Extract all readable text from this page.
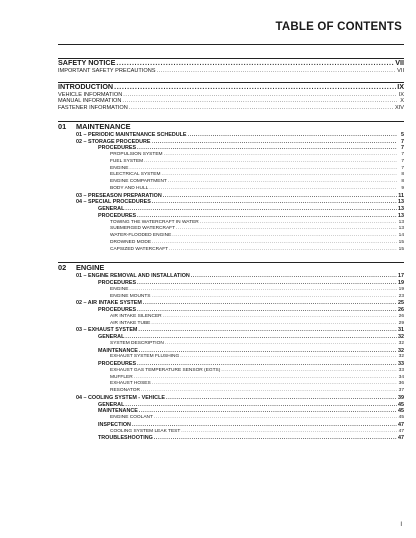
TABLE OF CONTENTS
SAFETY NOTICE .....	VII
IMPORTANT SAFETY PRECAUTIONS .....	VII
INTRODUCTION .....	IX
VEHICLE INFORMATION .....	IX
MANUAL INFORMATION .....	X
FASTENER INFORMATION .....	XIV
01 MAINTENANCE
01 – PERIODIC MAINTENANCE SCHEDULE .....	5
02 – STORAGE PROCEDURE .....	7
PROCEDURES .....	7
PROPULSION SYSTEM .....	7
FUEL SYSTEM .....	7
ENGINE .....	7
ELECTRICAL SYSTEM .....	8
ENGINE COMPARTMENT .....	8
BODY AND HULL .....	9
03 – PRESEASON PREPARATION .....	11
04 – SPECIAL PROCEDURES .....	13
GENERAL .....	13
PROCEDURES .....	13
TOWING THE WATERCRAFT IN WATER .....	13
SUBMERGED WATERCRAFT .....	13
WATER-FLOODED ENGINE .....	14
DROWNED MODE .....	15
CAPSIZED WATERCRAFT .....	15
02 ENGINE
01 – ENGINE REMOVAL AND INSTALLATION .....	17
PROCEDURES .....	19
ENGINE .....	19
ENGINE MOUNTS .....	23
02 – AIR INTAKE SYSTEM .....	25
PROCEDURES .....	26
AIR INTAKE SILENCER .....	26
AIR INTAKE TUBE .....	29
03 – EXHAUST SYSTEM .....	31
GENERAL .....	32
SYSTEM DESCRIPTION .....	32
MAINTENANCE .....	32
EXHAUST SYSTEM FLUSHING .....	32
PROCEDURES .....	33
EXHAUST GAS TEMPERATURE SENSOR (EGTS) .....	33
MUFFLER .....	34
EXHAUST HOSES .....	36
RESONATOR .....	37
04 – COOLING SYSTEM - VEHICLE .....	39
GENERAL .....	45
MAINTENANCE .....	45
ENGINE COOLANT .....	45
INSPECTION .....	47
COOLING SYSTEM LEAK TEST .....	47
TROUBLESHOOTING .....	47
I
